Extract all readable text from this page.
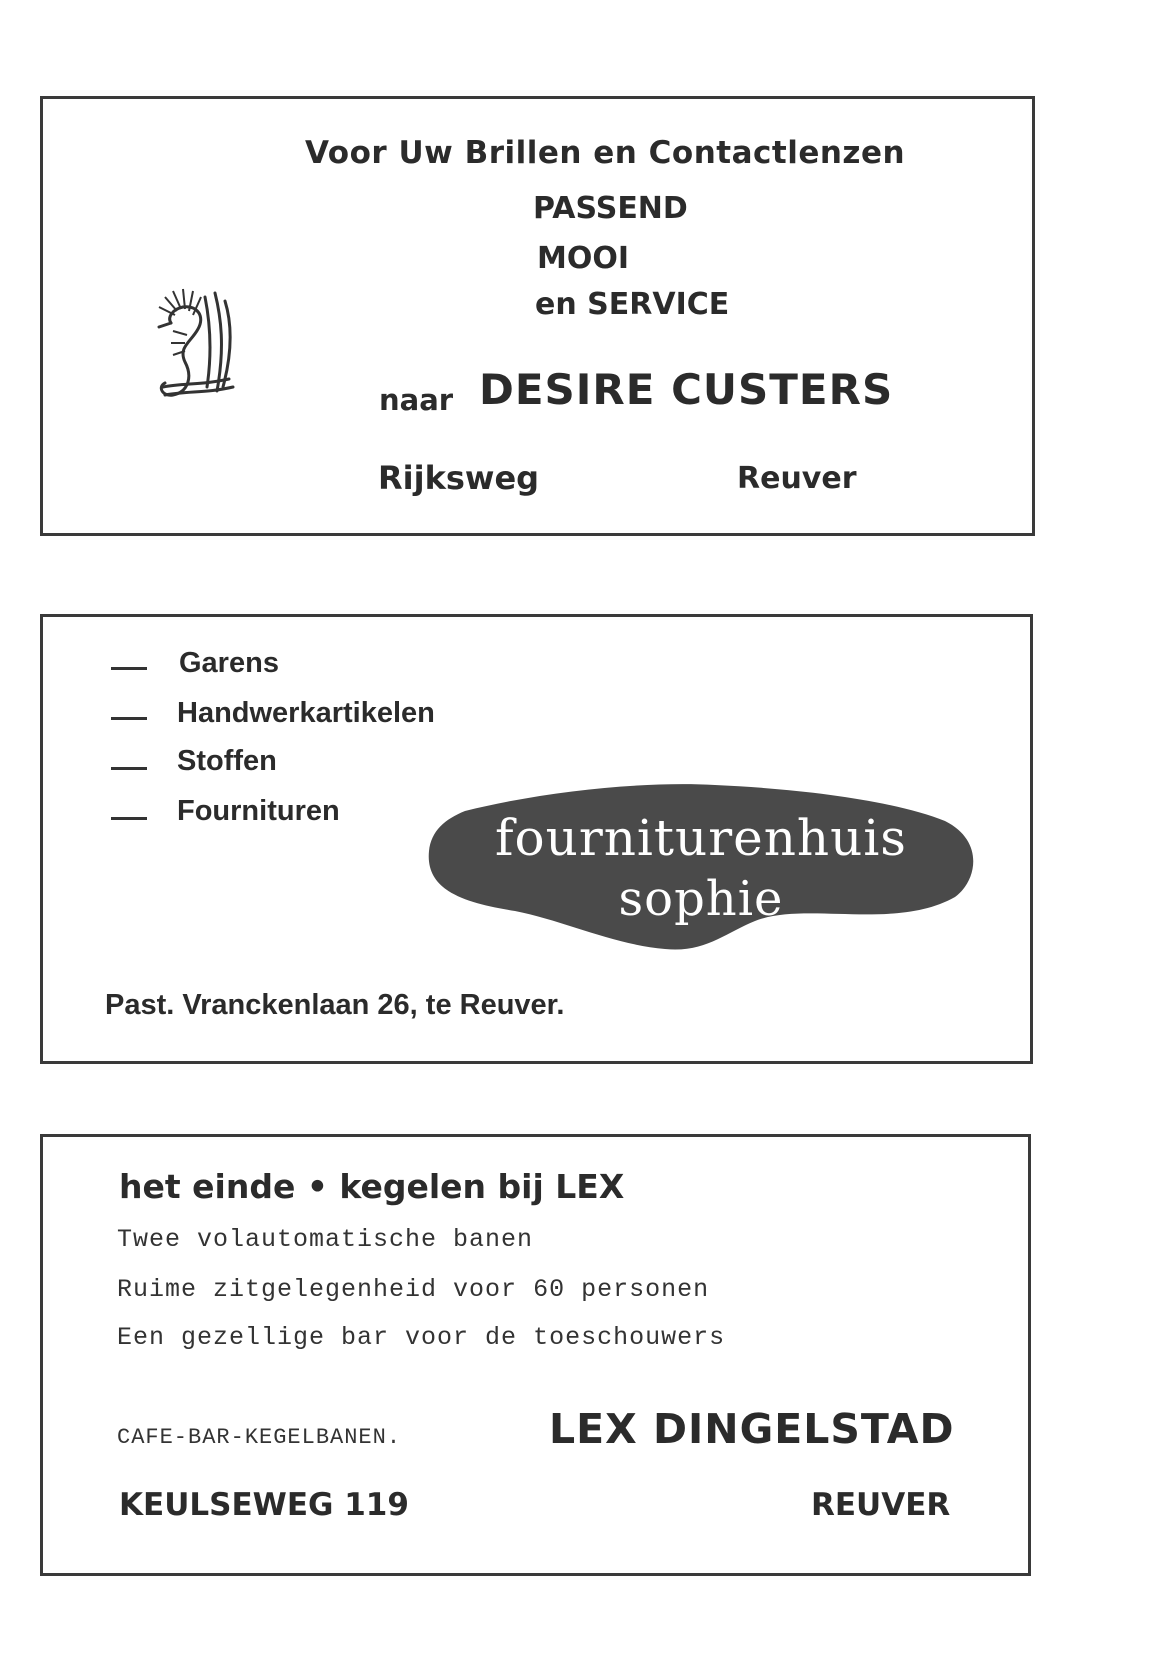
Voor Uw Brillen en Contactlenzen
PASSEND
MOOI
en SERVICE
naar DESIRE CUSTERS
Rijksweg	Reuver
Garens
Handwerkartikelen
Stoffen
Fournituren	fourniturenhuis
sophie
Past. Vranckenlaan 26, te Reuver.
het einde • kegelen bij LEX
Twee volautomatische banen
Ruime zitgelegenheid voor 60 personen
Een gezellige bar voor de toeschouwers
CAFE-BAR-KEGELBANEN.	LEX DINGELSTAD
KEULSEWEG 119	REUVER
